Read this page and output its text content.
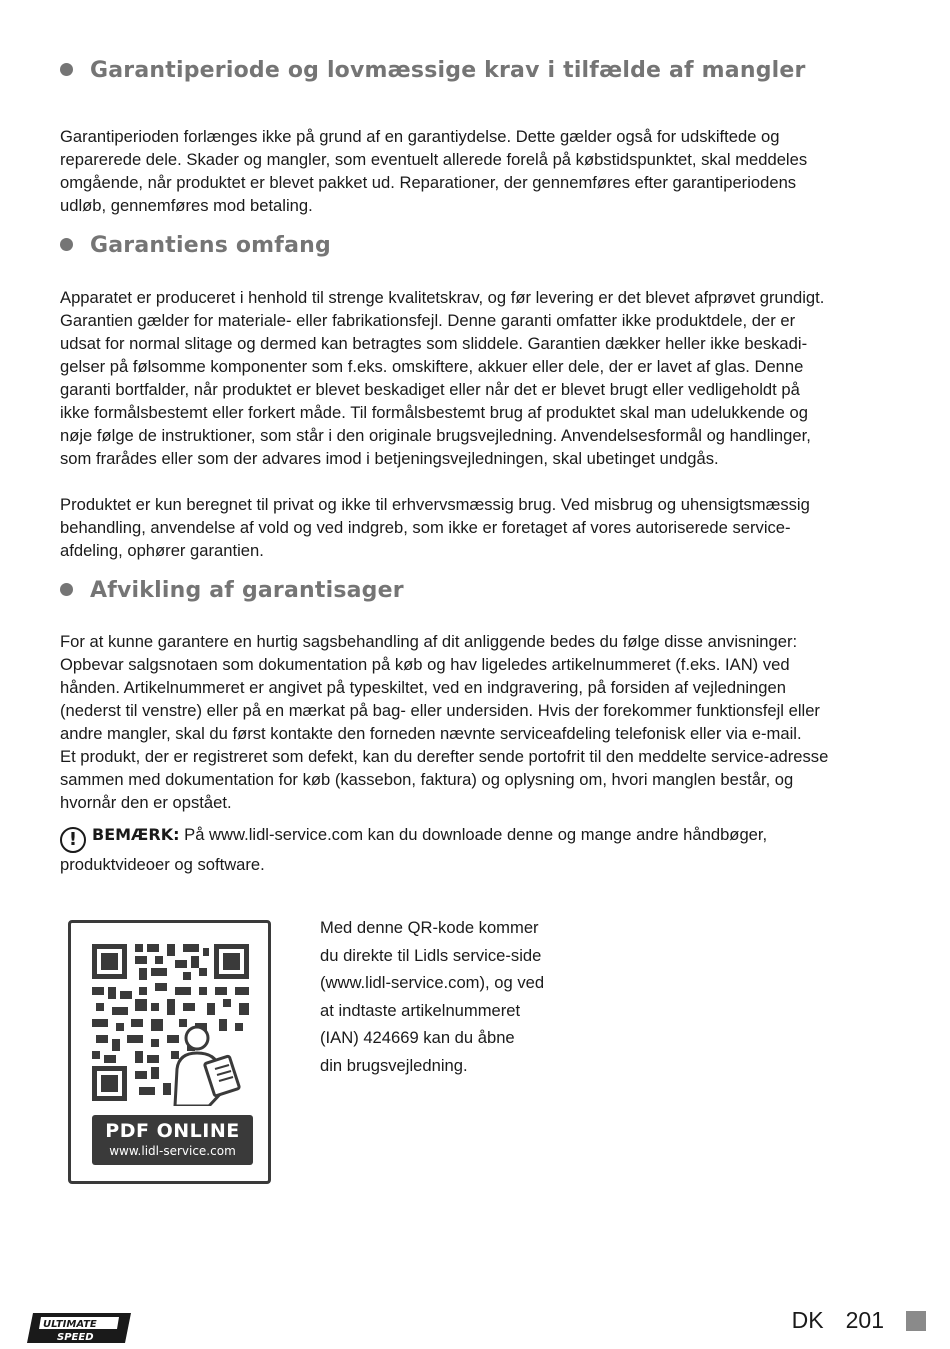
Garantiperiode og lovmæssige krav i tilfælde af mangler

Garantiperioden forlænges ikke på grund af en garantiydelse. Dette gælder også for udskiftede og
reparerede dele. Skader og mangler, som eventuelt allerede forelå på købstidspunktet, skal meddeles
omgående, når produktet er blevet pakket ud. Reparationer, der gennemføres efter garantiperiodens
udløb, gennemføres mod betaling.

Garantiens omfang

Apparatet er produceret i henhold til strenge kvalitetskrav, og før levering er det blevet afprøvet grundigt.
Garantien gælder for materiale- eller fabrikationsfejl. Denne garanti omfatter ikke produktdele, der er
udsat for normal slitage og dermed kan betragtes som sliddele. Garantien dækker heller ikke beskadi-
gelser på følsomme komponenter som f.eks. omskiftere, akkuer eller dele, der er lavet af glas. Denne
garanti bortfalder, når produktet er blevet beskadiget eller når det er blevet brugt eller vedligeholdt på
ikke formålsbestemt eller forkert måde. Til formålsbestemt brug af produktet skal man udelukkende og
nøje følge de instruktioner, som står i den originale brugsvejledning. Anvendelsesformål og handlinger,
som frarådes eller som der advares imod i betjeningsvejledningen, skal ubetinget undgås.

Produktet er kun beregnet til privat og ikke til erhvervsmæssig brug. Ved misbrug og uhensigtsmæssig
behandling, anvendelse af vold og ved indgreb, som ikke er foretaget af vores autoriserede service-
afdeling, ophører garantien.

Afvikling af garantisager

For at kunne garantere en hurtig sagsbehandling af dit anliggende bedes du følge disse anvisninger:
Opbevar salgsnotaen som dokumentation på køb og hav ligeledes artikelnummeret (f.eks. IAN) ved
hånden. Artikelnummeret er angivet på typeskiltet, ved en indgravering, på forsiden af vejledningen
(nederst til venstre) eller på en mærkat på bag- eller undersiden. Hvis der forekommer funktionsfejl eller
andre mangler, skal du først kontakte den forneden nævnte serviceafdeling telefonisk eller via e-mail.
Et produkt, der er registreret som defekt, kan du derefter sende portofrit til den meddelte service-adresse
sammen med dokumentation for køb (kassebon, faktura) og oplysning om, hvori manglen består, og
hvornår den er opstået.

! BEMÆRK: På www.lidl-service.com kan du downloade denne og mange andre håndbøger,
produktvideoer og software.
PDF ONLINE
www.lidl-service.com
Med denne QR-kode kommer
du direkte til Lidls service-side
(www.lidl-service.com), og ved
at indtaste artikelnummeret
(IAN) 424669 kan du åbne
din brugsvejledning.
ULTIMATE
SPEED
DK 201
